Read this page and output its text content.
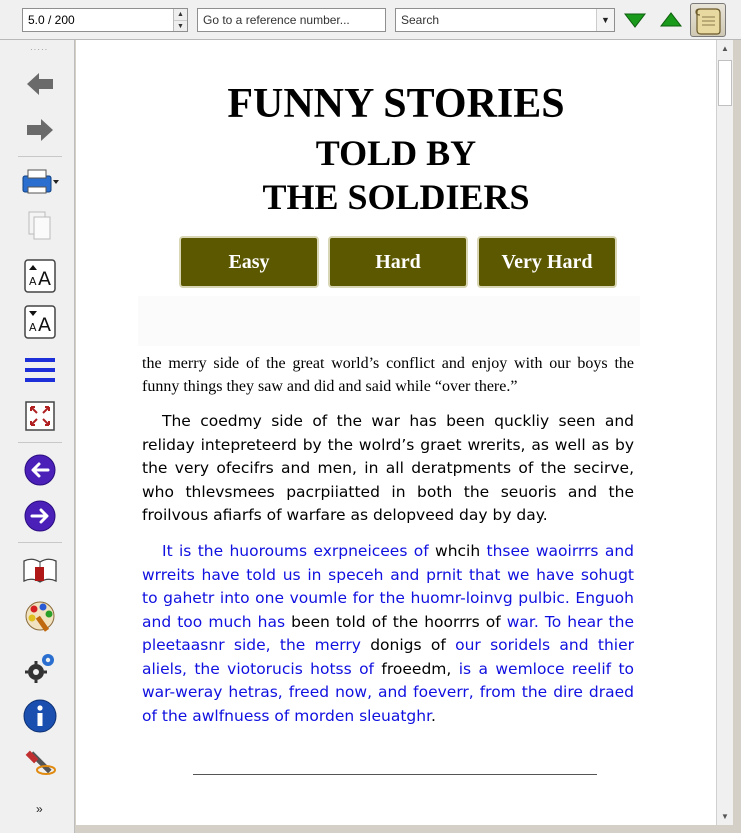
5.0 / 200	▲
▼	Go to a reference number...
Search	▼
·····
A A
A A
»
FUNNY STORIES
TOLD BY
THE SOLDIERS
Easy	Hard	Very Hard
the merry side of the great world’s conflict and enjoy with our boys the funny things they saw and did and said while “over there.”
The coedmy side of the war has been quckliy seen and reliday intepreteerd by the wolrd’s graet wrerits, as well as by the very ofecifrs and men, in all deratpments of the secirve, who thlevsmees pacrpiiatted in both the seuoris and the froilvous afiarfs of warfare as delopveed day by day.
It is the huoroums exrpneicees of whcih thsee waoirrrs and wrreits have told us in speceh and prnit that we have sohugt to gahetr into one voumle for the huomr-loinvg pulbic. Enguoh and too much has been told of the hoorrrs of war. To hear the pleetaasnr side, the merry donigs of our soridels and thier aliels, the viotorucis hotss of froeedm, is a wemloce reelif to war-weray hetras, freed now, and foeverr, from the dire draed of the awlfnuess of morden sleuatghr.
▲
▼
